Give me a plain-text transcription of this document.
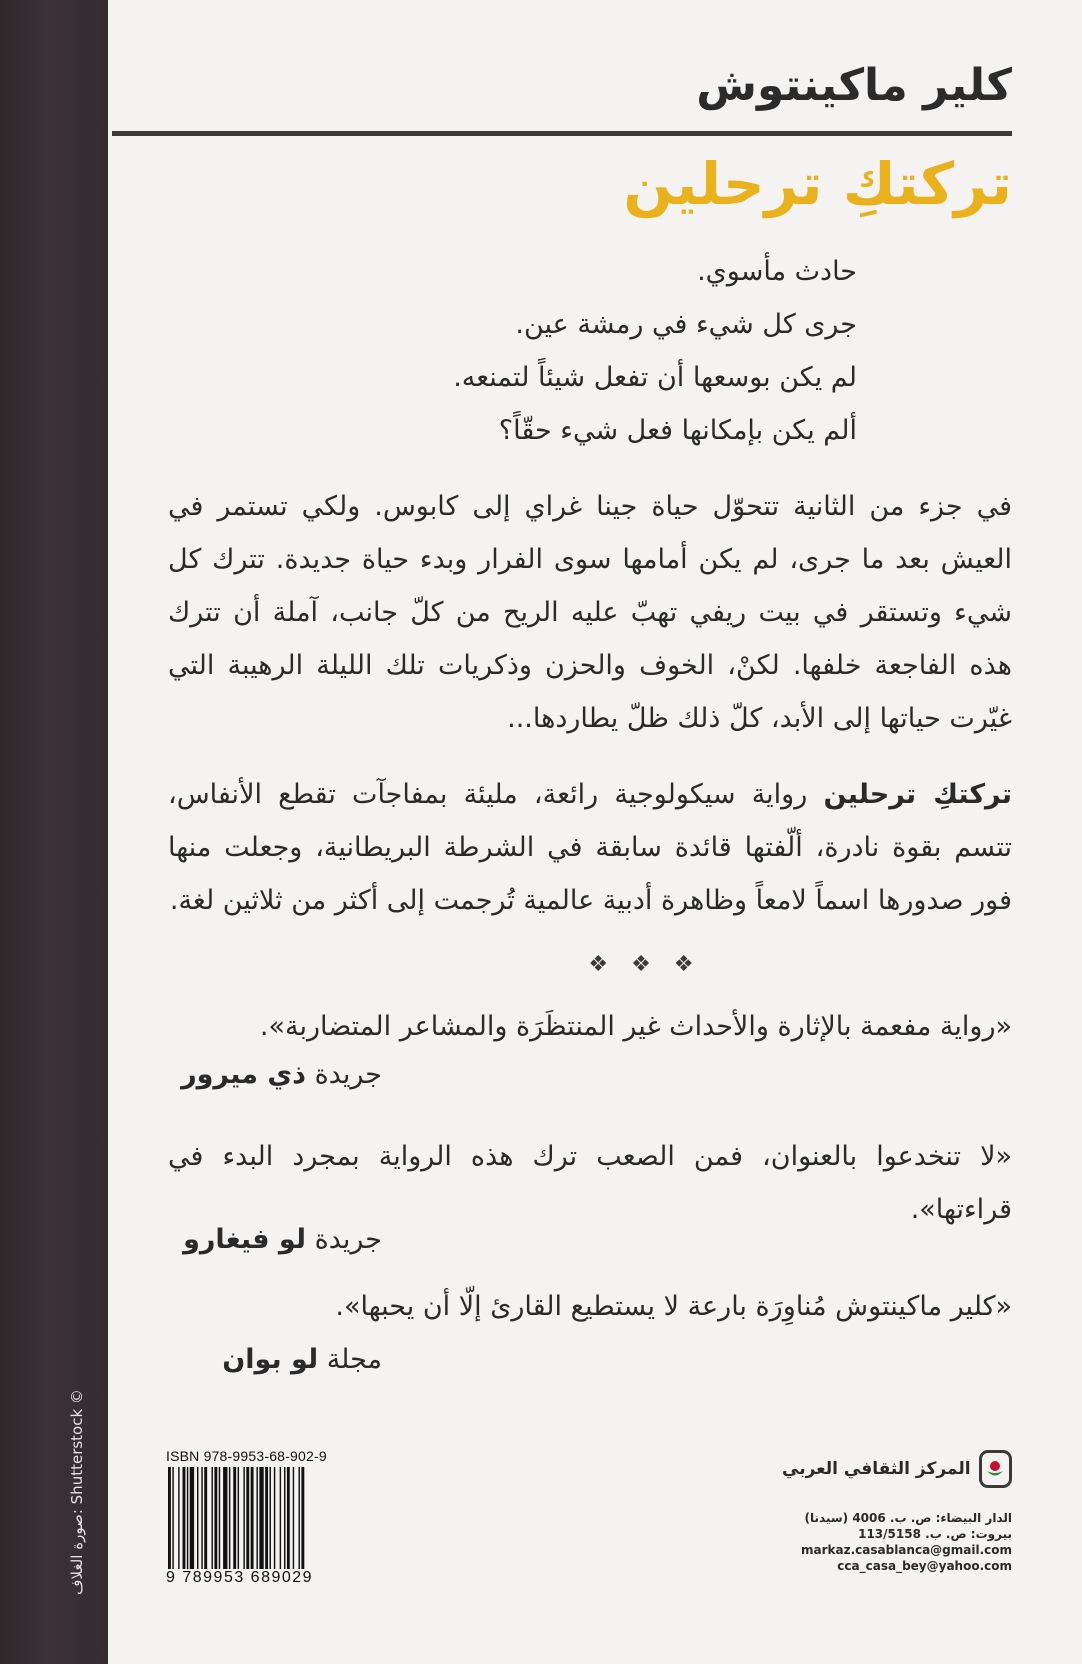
صورة الغلاف: Shutterstock ©
كلير ماكينتوش
تركتكِ ترحلين
حادث مأسوي.
جرى كل شيء في رمشة عين.
لم يكن بوسعها أن تفعل شيئاً لتمنعه.
ألم يكن بإمكانها فعل شيء حقّاً؟
في جزء من الثانية تتحوّل حياة جينا غراي إلى كابوس. ولكي تستمر في العيش بعد ما جرى، لم يكن أمامها سوى الفرار وبدء حياة جديدة. تترك كل شيء وتستقر في بيت ريفي تهبّ عليه الريح من كلّ جانب، آملة أن تترك هذه الفاجعة خلفها. لكنْ، الخوف والحزن وذكريات تلك الليلة الرهيبة التي غيّرت حياتها إلى الأبد، كلّ ذلك ظلّ يطاردها...
تركتكِ ترحلين رواية سيكولوجية رائعة، مليئة بمفاجآت تقطع الأنفاس، تتسم بقوة نادرة، ألّفتها قائدة سابقة في الشرطة البريطانية، وجعلت منها فور صدورها اسماً لامعاً وظاهرة أدبية عالمية تُرجمت إلى أكثر من ثلاثين لغة.
❖ ❖ ❖
«رواية مفعمة بالإثارة والأحداث غير المنتظَرَة والمشاعر المتضاربة».
جريدة ذي ميرور
«لا تنخدعوا بالعنوان، فمن الصعب ترك هذه الرواية بمجرد البدء في قراءتها».
جريدة لو فيغارو
«كلير ماكينتوش مُناوِرَة بارعة لا يستطيع القارئ إلّا أن يحبها».
مجلة لو بوان
المركز الثقافي العربي
الدار البيضاء: ص. ب. 4006 (سيدنا)
بيروت: ص. ب. 113/5158
markaz.casablanca@gmail.com
cca_casa_bey@yahoo.com
ISBN 978-9953-68-902-9
9 789953 689029
